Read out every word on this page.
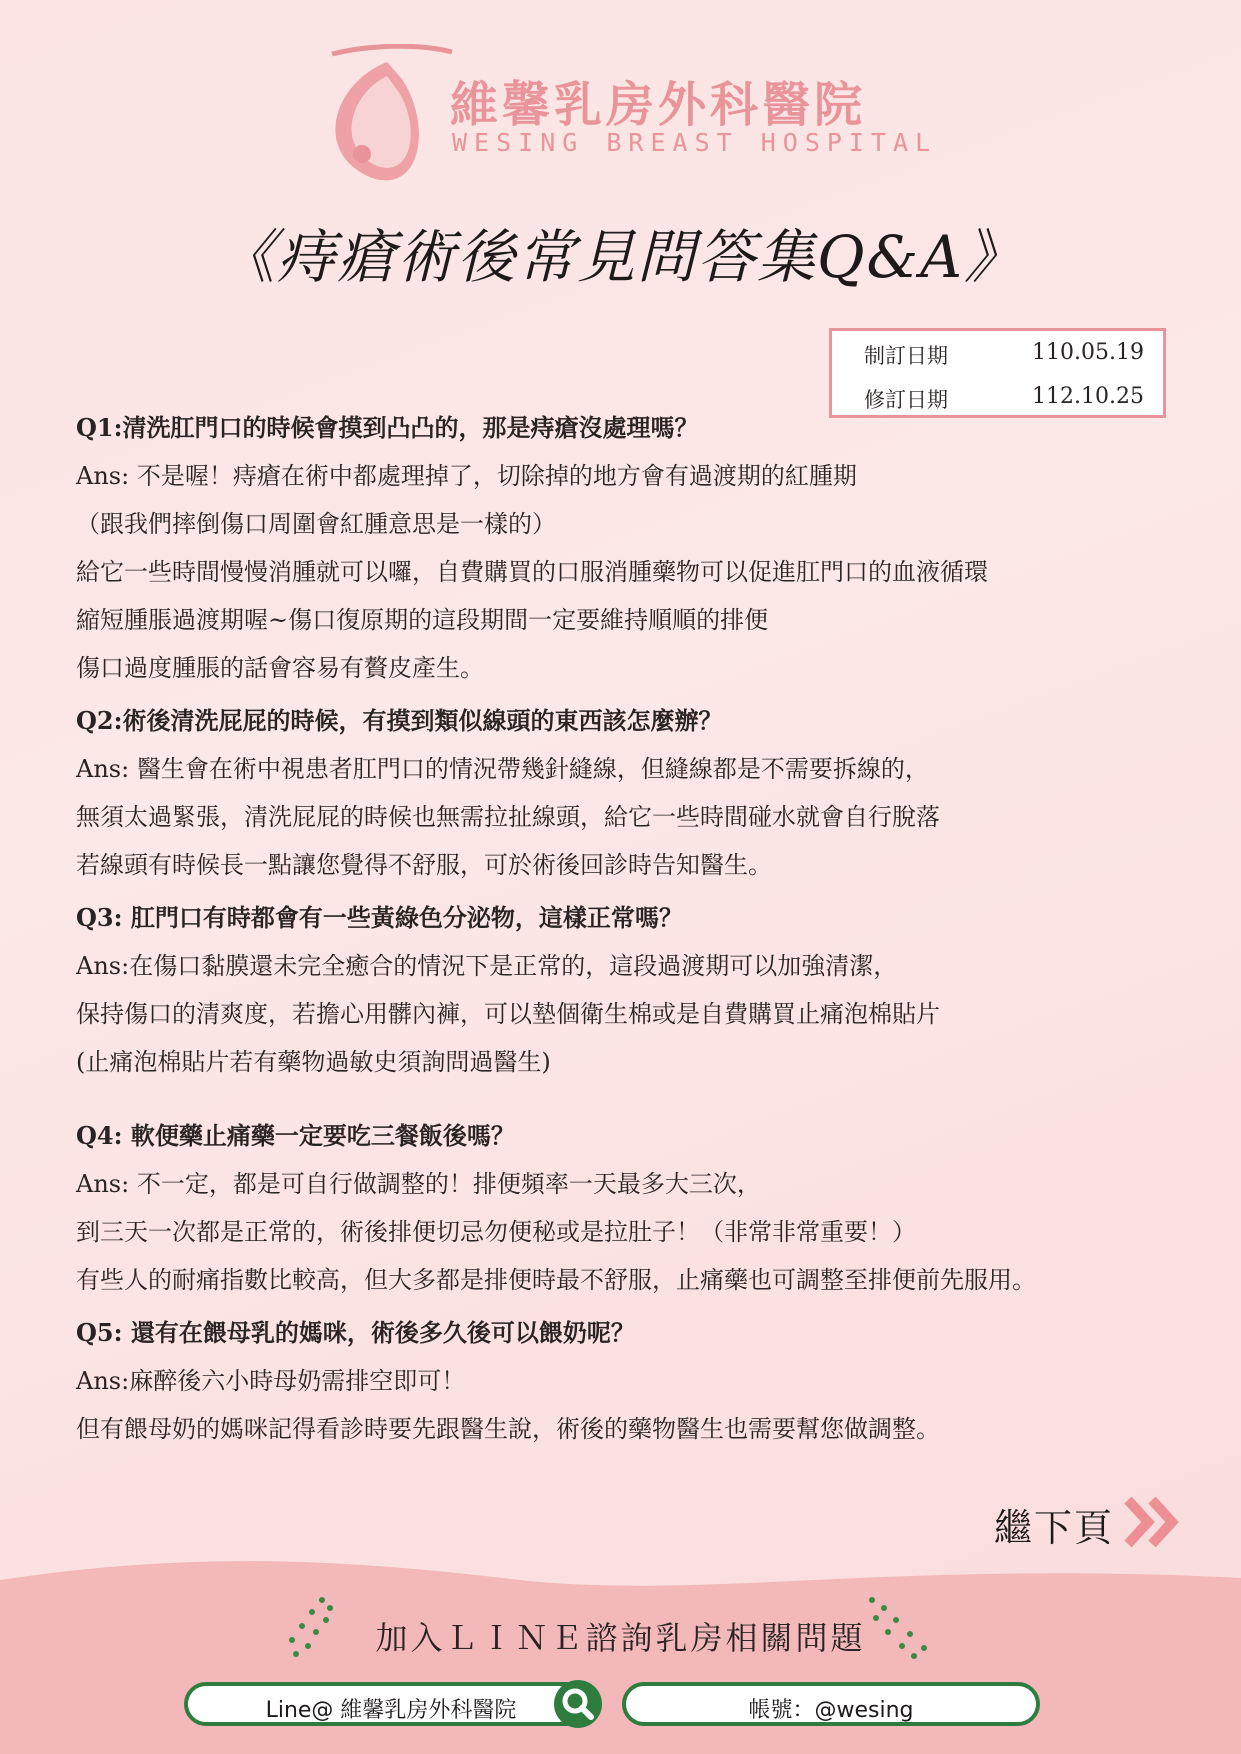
維馨乳房外科醫院
WESING BREAST HOSPITAL
《痔瘡術後常見問答集Q&A》
制訂日期	110.05.19
修訂日期	112.10.25
Q1:清洗肛門口的時候會摸到凸凸的，那是痔瘡沒處理嗎？
Ans: 不是喔！痔瘡在術中都處理掉了，切除掉的地方會有過渡期的紅腫期
（跟我們摔倒傷口周圍會紅腫意思是一樣的）
給它一些時間慢慢消腫就可以囉，自費購買的口服消腫藥物可以促進肛門口的血液循環
縮短腫脹過渡期喔~傷口復原期的這段期間一定要維持順順的排便
傷口過度腫脹的話會容易有贅皮產生。
Q2:術後清洗屁屁的時候，有摸到類似線頭的東西該怎麼辦？
Ans: 醫生會在術中視患者肛門口的情況帶幾針縫線，但縫線都是不需要拆線的，
無須太過緊張，清洗屁屁的時候也無需拉扯線頭，給它一些時間碰水就會自行脫落
若線頭有時候長一點讓您覺得不舒服，可於術後回診時告知醫生。
Q3: 肛門口有時都會有一些黃綠色分泌物，這樣正常嗎？
Ans:在傷口黏膜還未完全癒合的情況下是正常的，這段過渡期可以加強清潔，
保持傷口的清爽度，若擔心用髒內褲，可以墊個衛生棉或是自費購買止痛泡棉貼片
(止痛泡棉貼片若有藥物過敏史須詢問過醫生)
Q4: 軟便藥止痛藥一定要吃三餐飯後嗎？
Ans: 不一定，都是可自行做調整的！排便頻率一天最多大三次，
到三天一次都是正常的，術後排便切忌勿便秘或是拉肚子！（非常非常重要！）
有些人的耐痛指數比較高，但大多都是排便時最不舒服，止痛藥也可調整至排便前先服用。
Q5: 還有在餵母乳的媽咪，術後多久後可以餵奶呢？
Ans:麻醉後六小時母奶需排空即可！
但有餵母奶的媽咪記得看診時要先跟醫生說，術後的藥物醫生也需要幫您做調整。
繼下頁
加入ＬＩＮＥ諮詢乳房相關問題
Line@ 維馨乳房外科醫院	帳號：@wesing
